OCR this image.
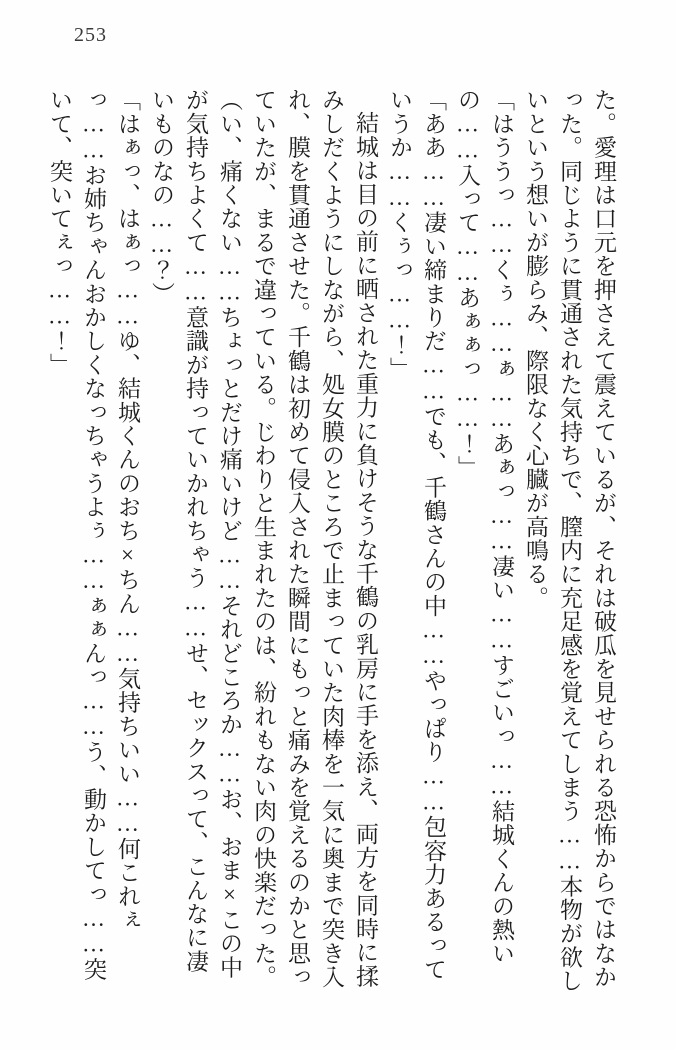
253

た。愛理は口元を押さえて震えているが、それは破瓜を見せられる恐怖からではなかった。同じように貫通された気持ちで、膣内に充足感を覚えてしまう……本物が欲しいという想いが膨らみ、際限なく心臓が高鳴る。

「はううっ……くぅ……ぁ……あぁっ……凄い……すごいっ……結城くんの熱いの……入って……あぁぁっ……！」

「ああ……凄い締まりだ……でも、千鶴さんの中……やっぱり……包容力あるっていうか……くぅっ……！」

結城は目の前に晒された重力に負けそうな千鶴の乳房に手を添え、両方を同時に揉みしだくようにしながら、処女膜のところで止まっていた肉棒を一気に奥まで突き入れ、膜を貫通させた。千鶴は初めて侵入された瞬間にもっと痛みを覚えるのかと思っていたが、まるで違っている。じわりと生まれたのは、紛れもない肉の快楽だった。

（い、痛くない……ちょっとだけ痛いけど……それどころか……お、おま×この中が気持ちよくて……意識が持っていかれちゃう……せ、セックスって、こんなに凄いものなの……？）

「はぁっ、はぁっ……ゆ、結城くんのおち×ちん……気持ちいい……何これぇっ……お姉ちゃんおかしくなっちゃうよぅ……ぁぁんっ……う、動かしてっ……突いて、突いてぇっ……！」
